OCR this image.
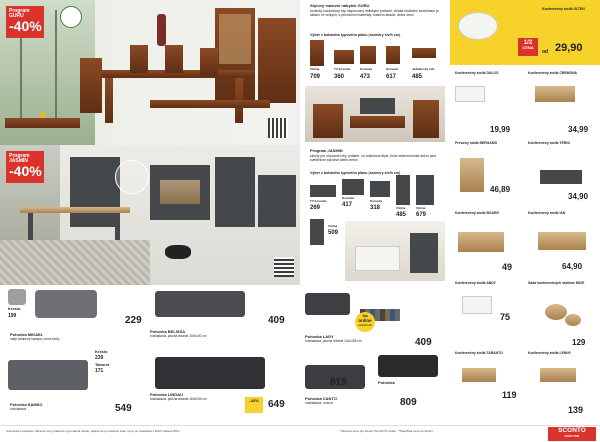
Program
GURU
-40%
Stylový masivní nábytek GURU
exotický kolonialový styl inspirovaný indickými prvkami, vlčáka rustikální kombinace je ideální ve velkých, s přírodními materiály, masivní akácie, dekor lesní
Výběr z bohatého typového plánu (rozměry š/v/h cm)
Vitrína	TV komoda	Komoda	Komoda	Jedálenský stôl
709 360	473	617	485
Program
JASMIN
-40%
Program JASMIN
skvelý pre obývacie izby, jedálne, vo vidieckom štýle, lichá zelenomorská dekor pine svetlé/sivé sýtosivé alebo beton
Výber z bohatého typového plánu (rozmery š/v/h cm)
TV komoda
269
Komoda
417
Komoda
318	Vitrína
485
Vitrína
679
Vitrína
509
Kreslo
199
Pohovka MIKAEL
malý čalúnený kanapa, rôzne farby
229
Pohovka BELISSA
rozkladacia, plocha ležanie 200x140 cm
409	iba
online
sconto.sk
Pohovka LADY
rozkladacia, plocha ležanie 144x195 cm	409
Kreslo
239
Taburet
171
Pohovka SAMSO
rozkladacia	549
Pohovka LINDAU
rozkladacia, plocha ležania 160x203 cm	-43% 649
Pohovka CANTO
rozkladacia, rohová
819	Pohovka
809
1/2
CENA
Konferenčný stolík OLTEN
29,90
od
Konferenčný stolík DALOS
19,99
Konferenčný stolík CREMONA
34,99
Príručný stolík BERGAMO
46,89
Konferenčný stolík TERNI
34,90
Konferenčný stolík BOARD
49
Konferenčný stolík IAN
64,90
Konferenčný stolík ANDY
75
Sada konferenčných stolíkov MICE
129
Konferenčný stolík TARANTO
119
Konferenčný stolík LENNY
139
Uzavierka prospektu: Akciové ceny platia do vypredania zásob, pokiaľ nie je uvedené inak. Ceny sú uvádzané v EUR vrátane DPH.	*Akciová cena pre členov SCONTO Clubu. **Najnižšia cena za 30 dní.	SCONTO
NÁBYTOK
